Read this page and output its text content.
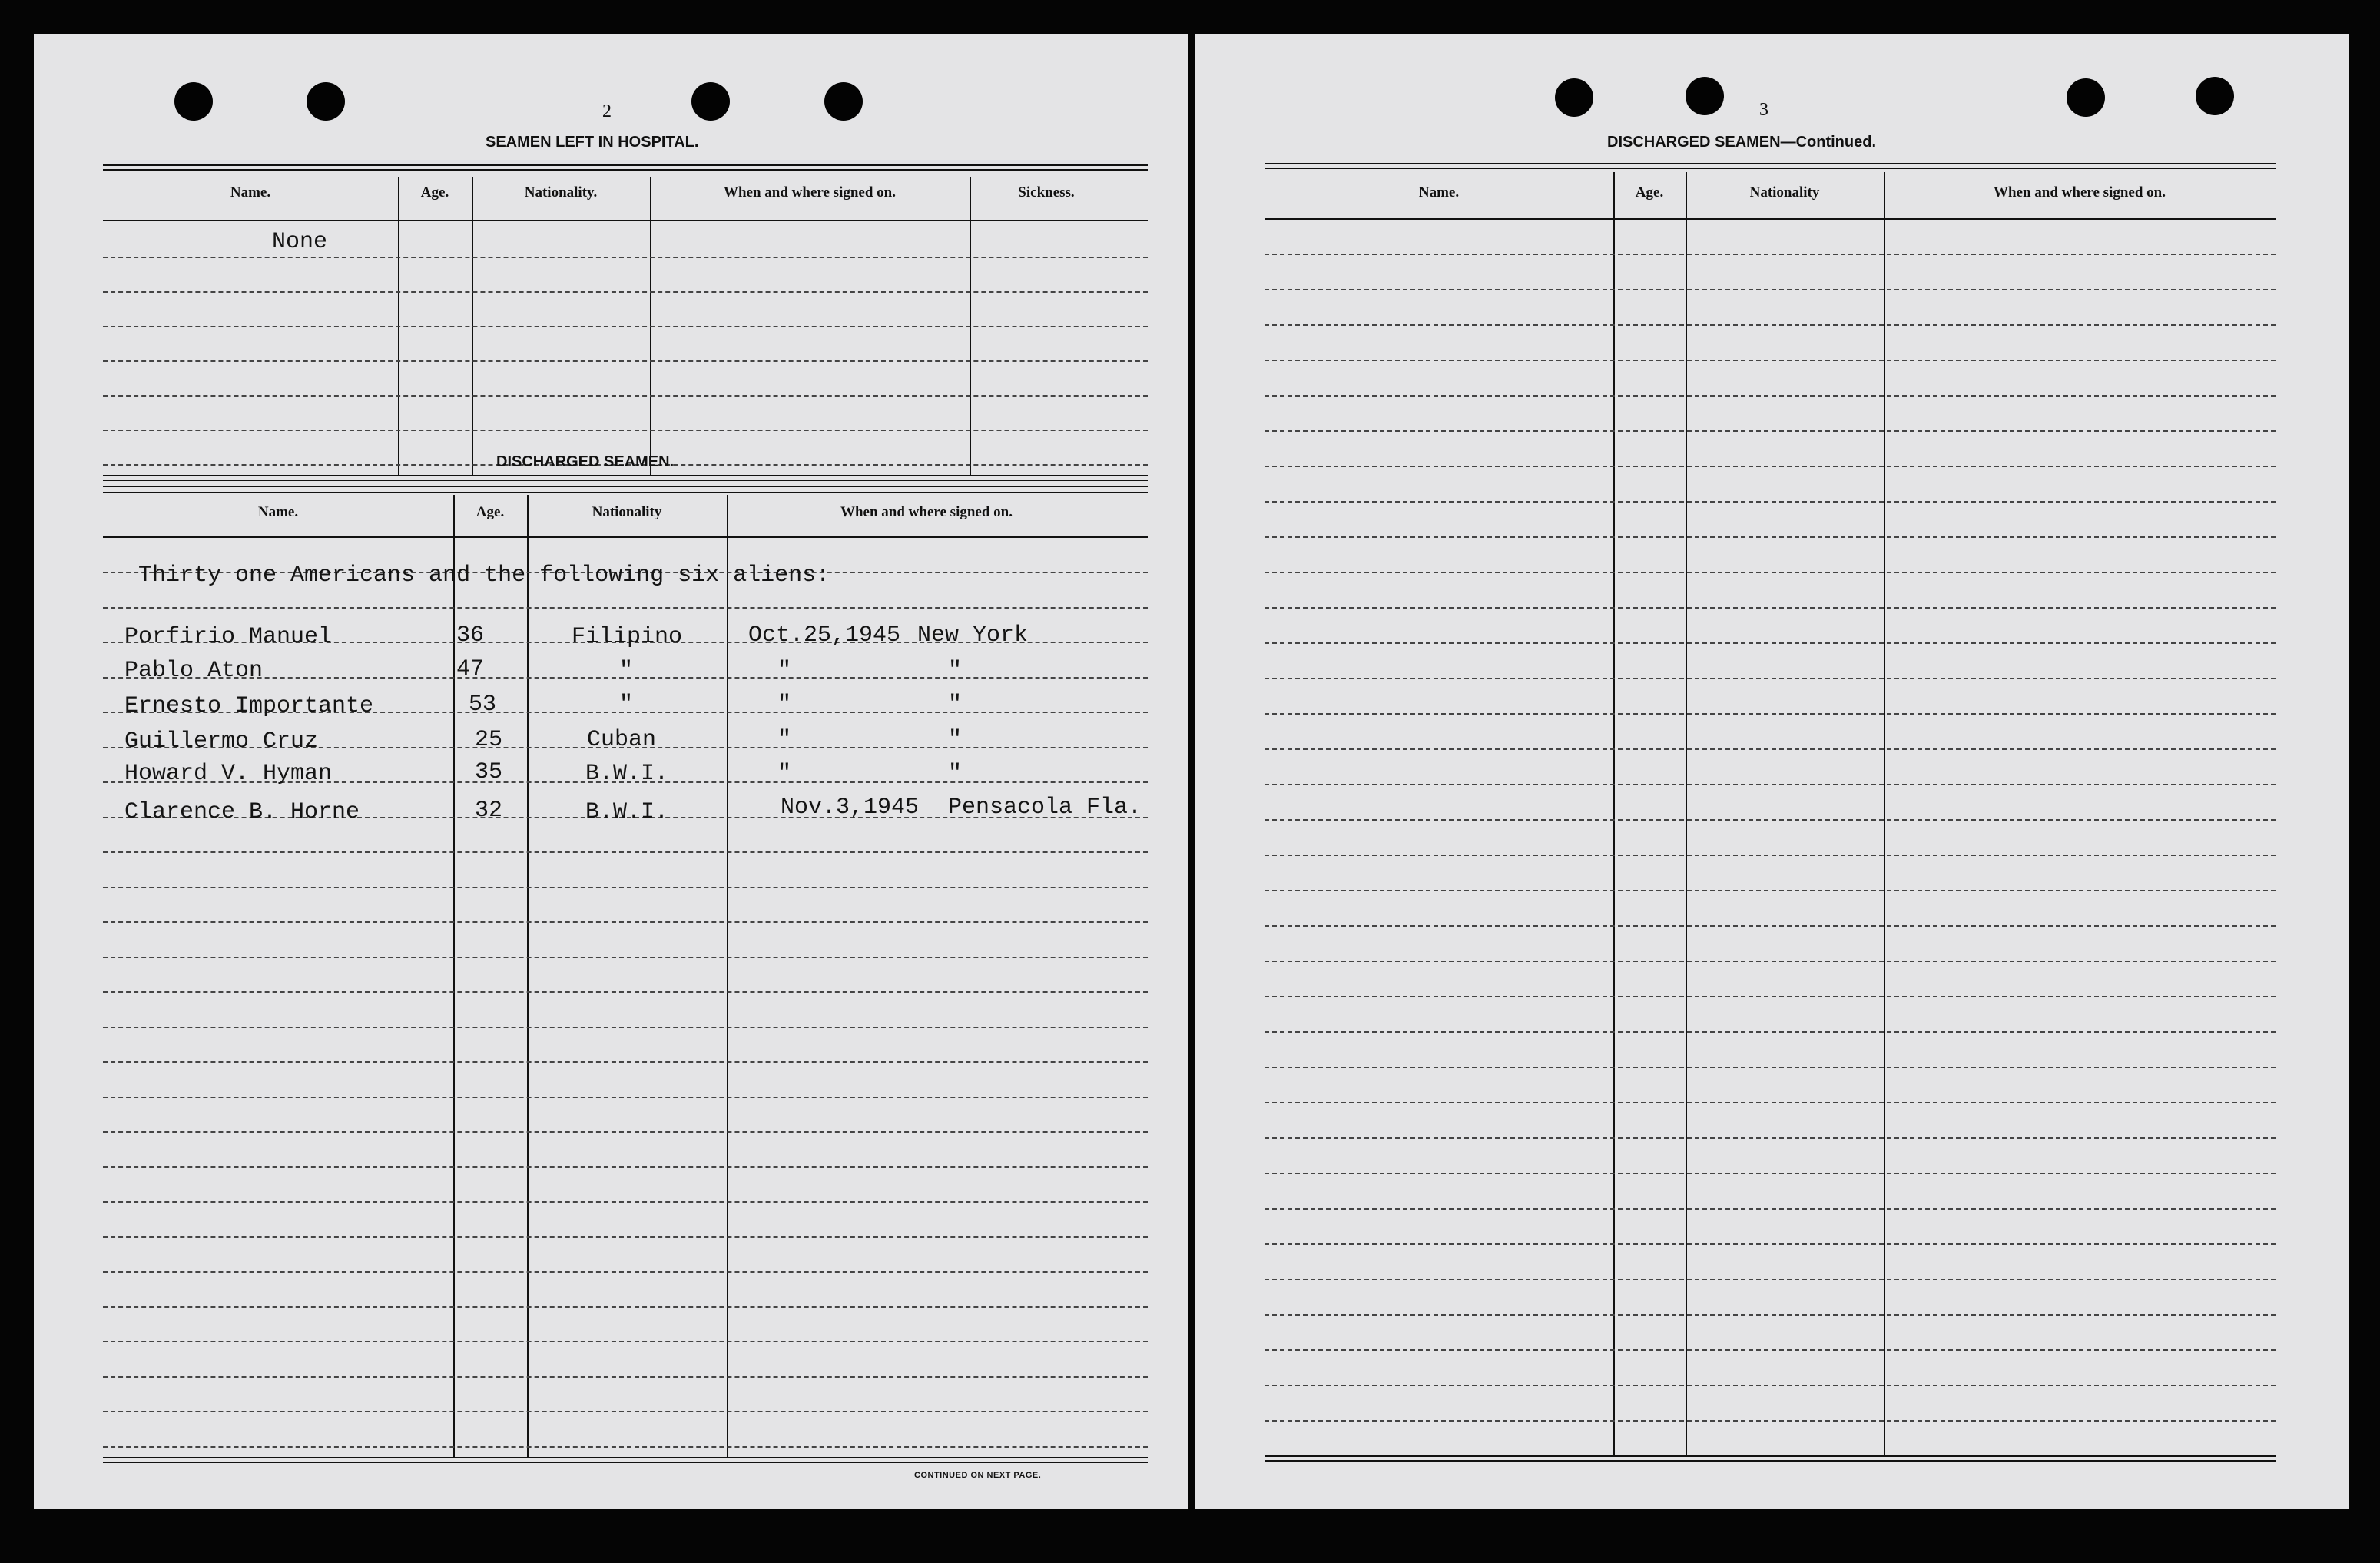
2
SEAMEN LEFT IN HOSPITAL.
Name.	Age.	Nationality.	When and where signed on.	Sickness.
None
DISCHARGED SEAMEN.
Name.	Age.	Nationality	When and where signed on.
Thirty one Americans and the following six aliens:
Porfirio Manuel	36	Filipino	Oct.25,1945 New York
Pablo Aton	47	"	"	"
Ernesto Importante	53	"	"	"
Guillermo Cruz	25	Cuban	"	"
Howard V. Hyman	35	B.W.I.	"	"
Clarence B. Horne	32	B.W.I.	Nov.3,1945 Pensacola Fla.
CONTINUED ON NEXT PAGE.
3
DISCHARGED SEAMEN—Continued.
Name.	Age.	Nationality	When and where signed on.
